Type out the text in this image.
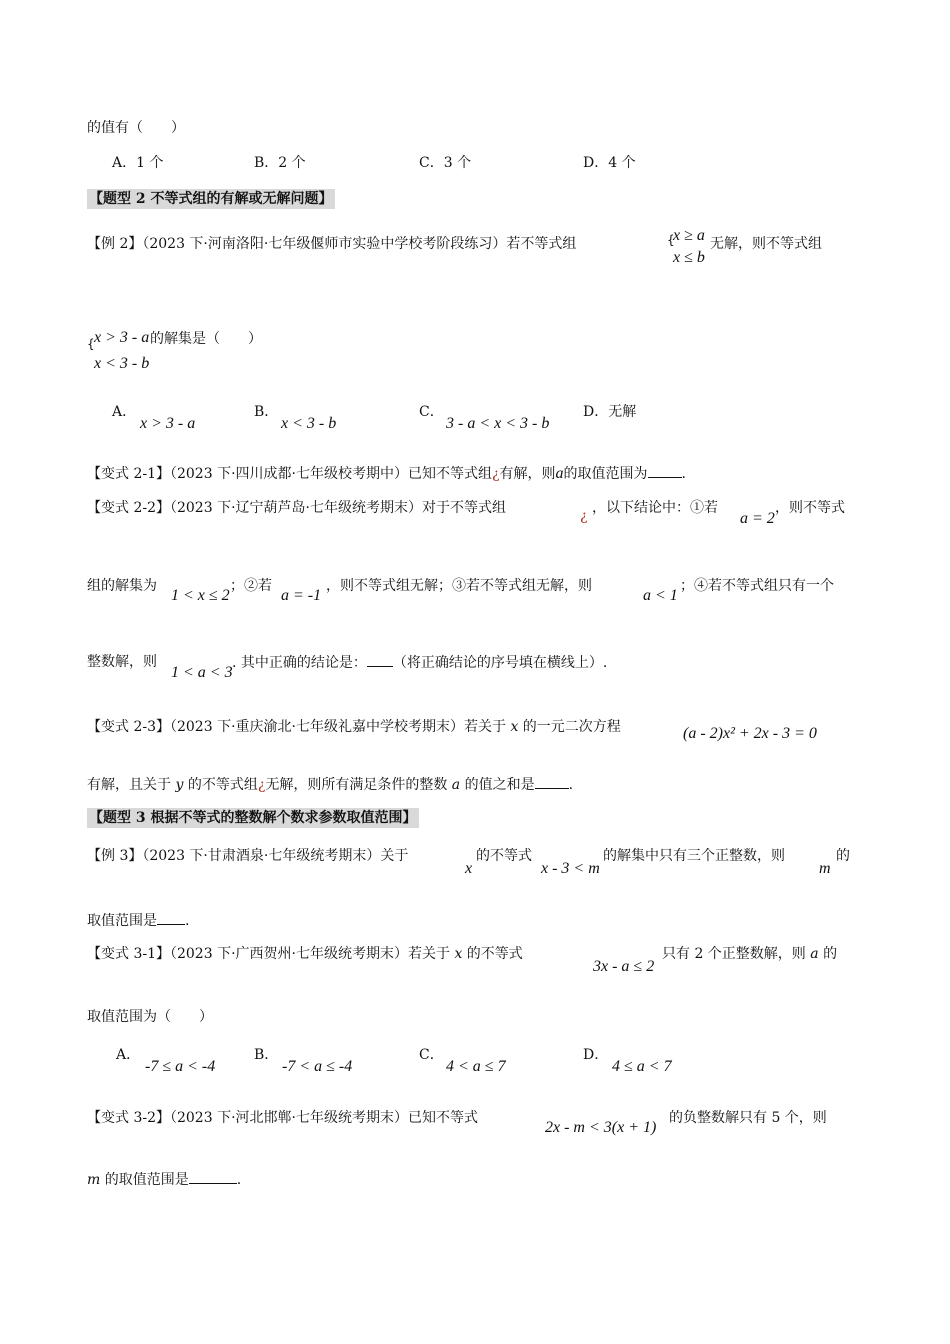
的值有（　　）
A．1 个	B．2 个	C．3 个	D．4 个
【题型 2 不等式组的有解或无解问题】
【例 2】（2023 下·河南洛阳·七年级偃师市实验中学校考阶段练习）若不等式组	{
x ≥ a
x ≤ b
无解，则不等式组
{ x > 3 - a
x < 3 - b
的解集是（　　）
A．
x > 3 - a
B．
x < 3 - b
C．
3 - a < x < 3 - b
D．无解
【变式 2-1】（2023 下·四川成都·七年级校考期中）已知不等式组¿有解，则a的取值范围为 .
【变式 2-2】（2023 下·辽宁葫芦岛·七年级统考期末）对于不等式组	¿ ，以下结论中：①若
a = 2
，则不等式
组的解集为
1 < x ≤ 2
；②若
a = -1
，则不等式组无解；③若不等式组无解，则
a < 1
；④若不等式组只有一个
整数解，则
1 < a < 3
. 其中正确的结论是： （将正确结论的序号填在横线上）.
【变式 2-3】（2023 下·重庆渝北·七年级礼嘉中学校考期末）若关于 x 的一元二次方程	(a - 2)x² + 2x - 3 = 0
有解，且关于 y 的不等式组¿无解，则所有满足条件的整数 a 的值之和是 .
【题型 3 根据不等式的整数解个数求参数取值范围】
【例 3】（2023 下·甘肃酒泉·七年级统考期末）关于
x
的不等式
x - 3 < m
的解集中只有三个正整数，则
m
的
取值范围是 .
【变式 3-1】（2023 下·广西贺州·七年级统考期末）若关于 x 的不等式
3x - a ≤ 2
只有 2 个正整数解，则 a 的
取值范围为（　　）
A．
-7 ≤ a < -4
B．
-7 < a ≤ -4
C．
4 < a ≤ 7
D．
4 ≤ a < 7
【变式 3-2】（2023 下·河北邯郸·七年级统考期末）已知不等式
2x - m < 3(x + 1)
的负整数解只有 5 个，则
m 的取值范围是	.
